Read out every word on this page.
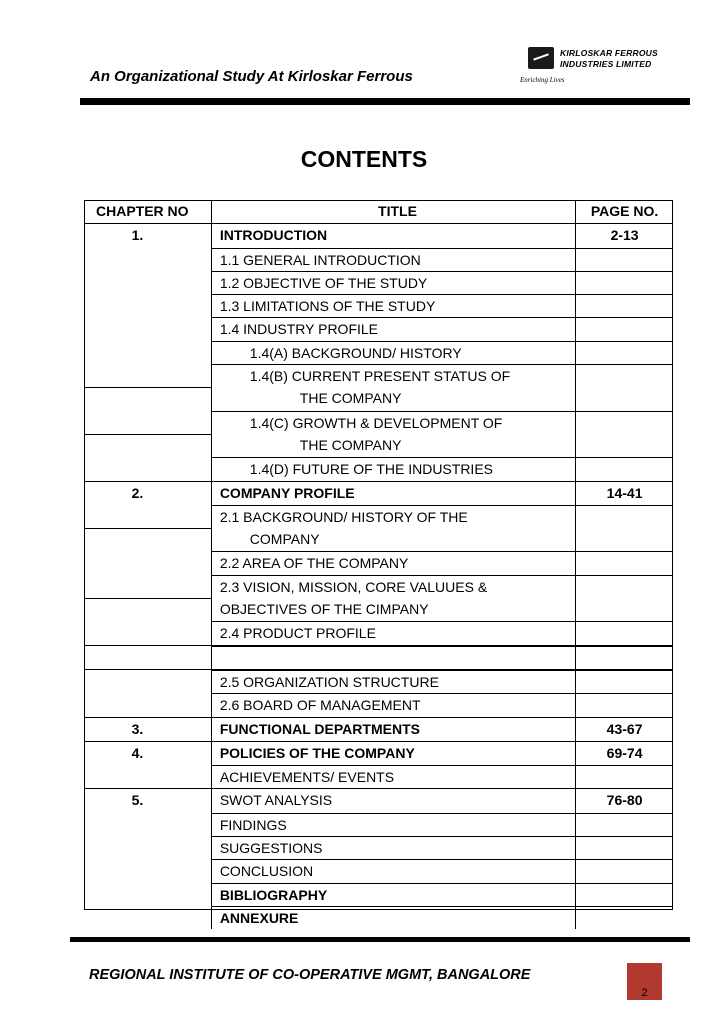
An Organizational Study At Kirloskar Ferrous
KIRLOSKAR FERROUS
INDUSTRIES LIMITED
Enriching Lives
CONTENTS
CHAPTER NO	TITLE	PAGE NO.
1.	INTRODUCTION	2-13
1.1 GENERAL INTRODUCTION
1.2 OBJECTIVE OF THE STUDY
1.3 LIMITATIONS OF THE STUDY
1.4 INDUSTRY PROFILE
1.4(A) BACKGROUND/ HISTORY
1.4(B) CURRENT PRESENT STATUS OF
THE COMPANY
1.4(C) GROWTH & DEVELOPMENT OF
THE COMPANY
1.4(D) FUTURE OF THE INDUSTRIES
2.	COMPANY PROFILE	14-41
2.1 BACKGROUND/ HISTORY OF THE
COMPANY
2.2 AREA OF THE COMPANY
2.3 VISION, MISSION, CORE VALUUES &
OBJECTIVES OF THE CIMPANY
2.4 PRODUCT PROFILE
2.5 ORGANIZATION STRUCTURE
2.6 BOARD OF MANAGEMENT
3.	FUNCTIONAL DEPARTMENTS	43-67
4.	POLICIES OF THE COMPANY	69-74
ACHIEVEMENTS/ EVENTS
5.	SWOT ANALYSIS	76-80
FINDINGS
SUGGESTIONS
CONCLUSION
BIBLIOGRAPHY
ANNEXURE
REGIONAL INSTITUTE OF CO-OPERATIVE MGMT, BANGALORE
2
